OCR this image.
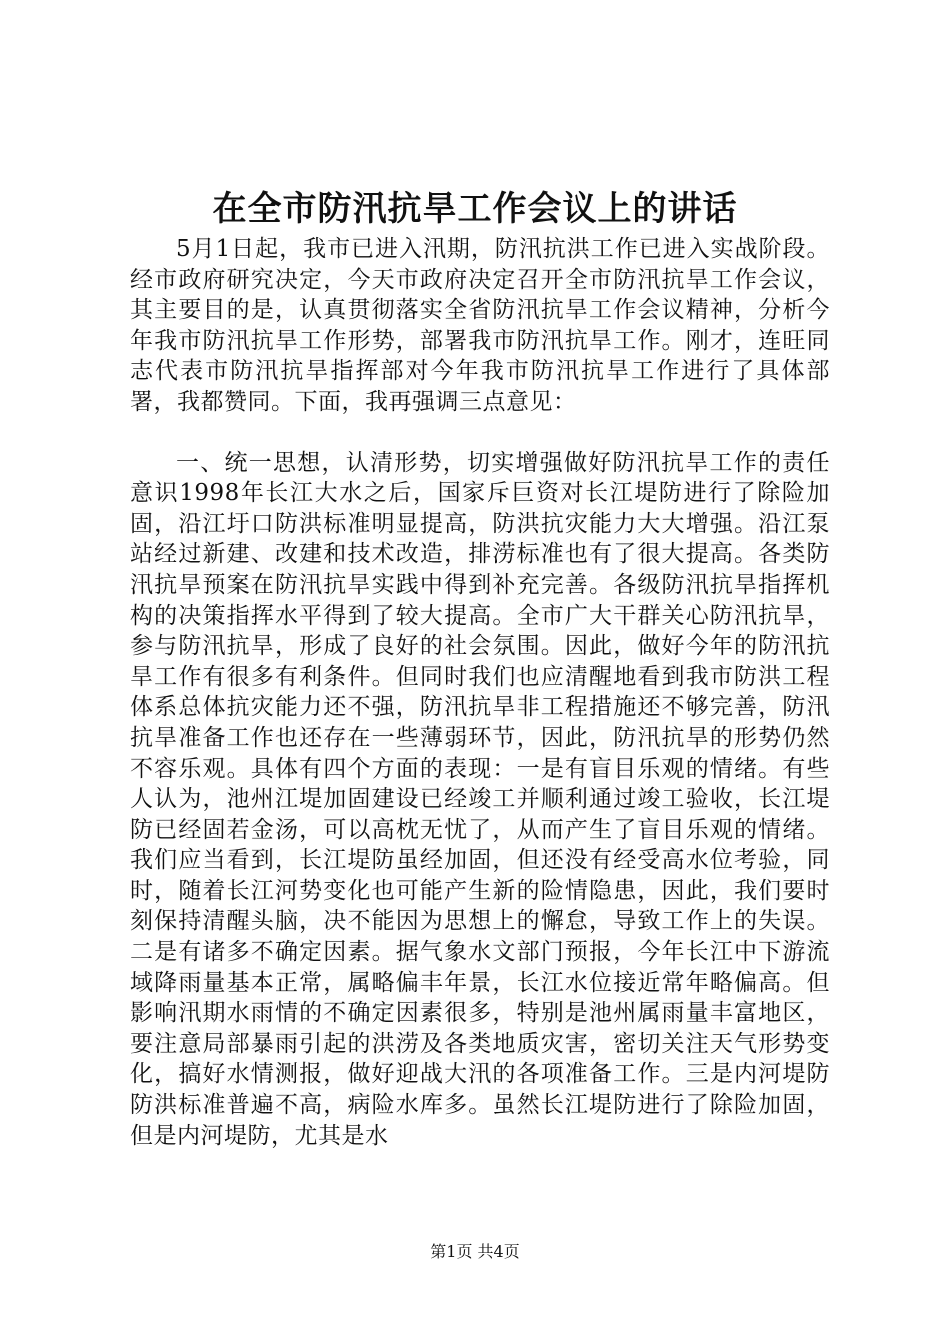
在全市防汛抗旱工作会议上的讲话

5月1日起，我市已进入汛期，防汛抗洪工作已进入实战阶段。经市政府研究决定，今天市政府决定召开全市防汛抗旱工作会议，其主要目的是，认真贯彻落实全省防汛抗旱工作会议精神，分析今年我市防汛抗旱工作形势，部署我市防汛抗旱工作。刚才，连旺同志代表市防汛抗旱指挥部对今年我市防汛抗旱工作进行了具体部署，我都赞同。下面，我再强调三点意见：

一、统一思想，认清形势，切实增强做好防汛抗旱工作的责任意识1998年长江大水之后，国家斥巨资对长江堤防进行了除险加固，沿江圩口防洪标准明显提高，防洪抗灾能力大大增强。沿江泵站经过新建、改建和技术改造，排涝标准也有了很大提高。各类防汛抗旱预案在防汛抗旱实践中得到补充完善。各级防汛抗旱指挥机构的决策指挥水平得到了较大提高。全市广大干群关心防汛抗旱，参与防汛抗旱，形成了良好的社会氛围。因此，做好今年的防汛抗旱工作有很多有利条件。但同时我们也应清醒地看到我市防洪工程体系总体抗灾能力还不强，防汛抗旱非工程措施还不够完善，防汛抗旱准备工作也还存在一些薄弱环节，因此，防汛抗旱的形势仍然不容乐观。具体有四个方面的表现：一是有盲目乐观的情绪。有些人认为，池州江堤加固建设已经竣工并顺利通过竣工验收，长江堤防已经固若金汤，可以高枕无忧了，从而产生了盲目乐观的情绪。我们应当看到，长江堤防虽经加固，但还没有经受高水位考验，同时，随着长江河势变化也可能产生新的险情隐患，因此，我们要时刻保持清醒头脑，决不能因为思想上的懈怠，导致工作上的失误。二是有诸多不确定因素。据气象水文部门预报，今年长江中下游流域降雨量基本正常，属略偏丰年景，长江水位接近常年略偏高。但影响汛期水雨情的不确定因素很多，特别是池州属雨量丰富地区，要注意局部暴雨引起的洪涝及各类地质灾害，密切关注天气形势变化，搞好水情测报，做好迎战大汛的各项准备工作。三是内河堤防防洪标准普遍不高，病险水库多。虽然长江堤防进行了除险加固，但是内河堤防，尤其是水

第1页 共4页
